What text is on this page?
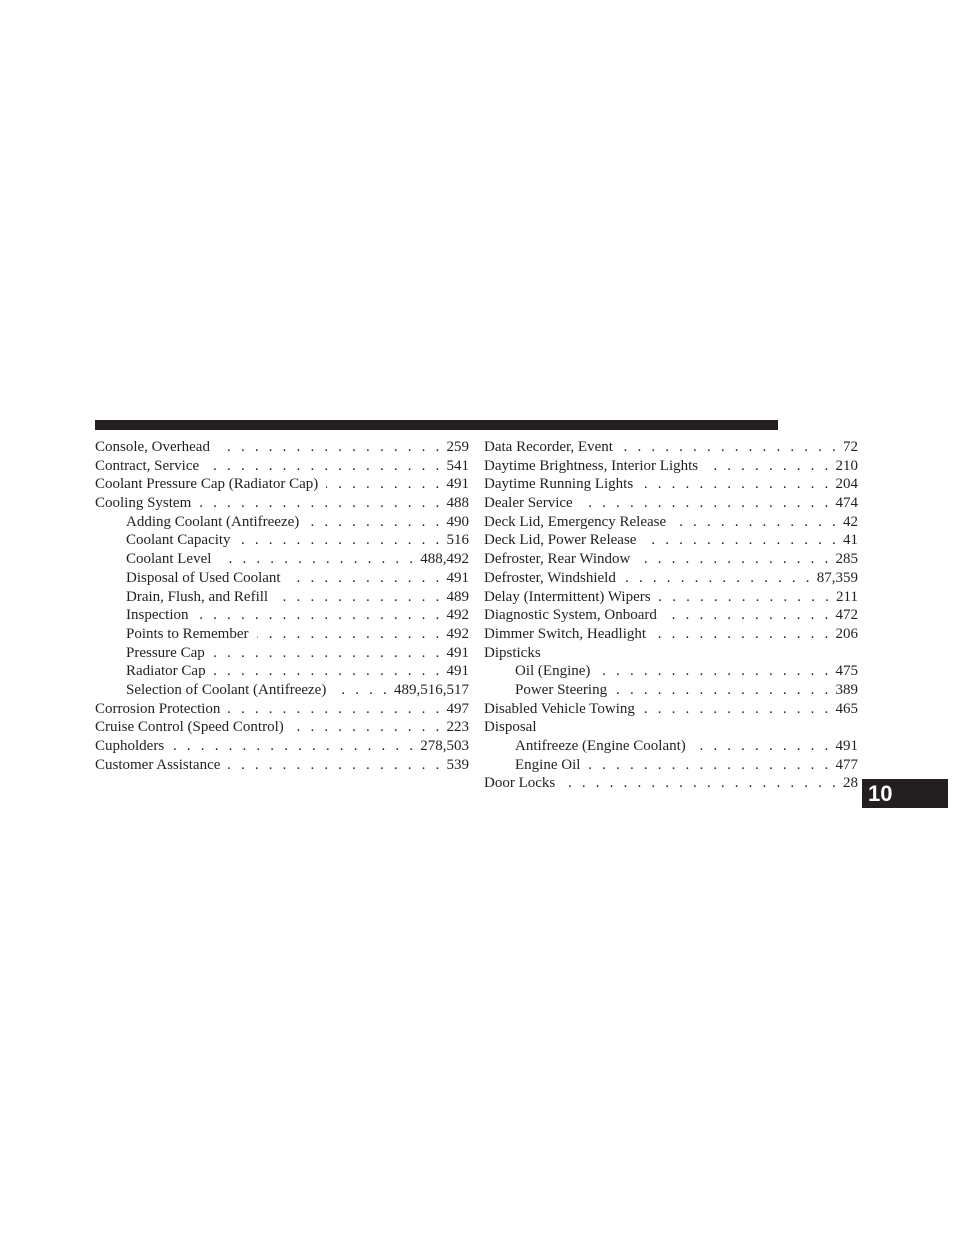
Console, Overhead . . .	259
Contract, Service . . .	541
Coolant Pressure Cap (Radiator Cap) . . .	491
Cooling System . . .	488
Adding Coolant (Antifreeze) . . .	490
Coolant Capacity . . .	516
Coolant Level . . .	488,492
Disposal of Used Coolant . . .	491
Drain, Flush, and Refill . . .	489
Inspection . . .	492
Points to Remember . . .	492
Pressure Cap . . .	491
Radiator Cap . . .	491
Selection of Coolant (Antifreeze) . . .	489,516,517
Corrosion Protection . . .	497
Cruise Control (Speed Control) . . .	223
Cupholders . . .	278,503
Customer Assistance . . .	539
Data Recorder, Event . . .	72
Daytime Brightness, Interior Lights . . .	210
Daytime Running Lights . . .	204
Dealer Service . . .	474
Deck Lid, Emergency Release . . .	42
Deck Lid, Power Release . . .	41
Defroster, Rear Window . . .	285
Defroster, Windshield . . .	87,359
Delay (Intermittent) Wipers . . .	211
Diagnostic System, Onboard . . .	472
Dimmer Switch, Headlight . . .	206
Dipsticks
Oil (Engine) . . .	475
Power Steering . . .	389
Disabled Vehicle Towing . . .	465
Disposal
Antifreeze (Engine Coolant) . . .	491
Engine Oil . . .	477
Door Locks . . .	28 10
